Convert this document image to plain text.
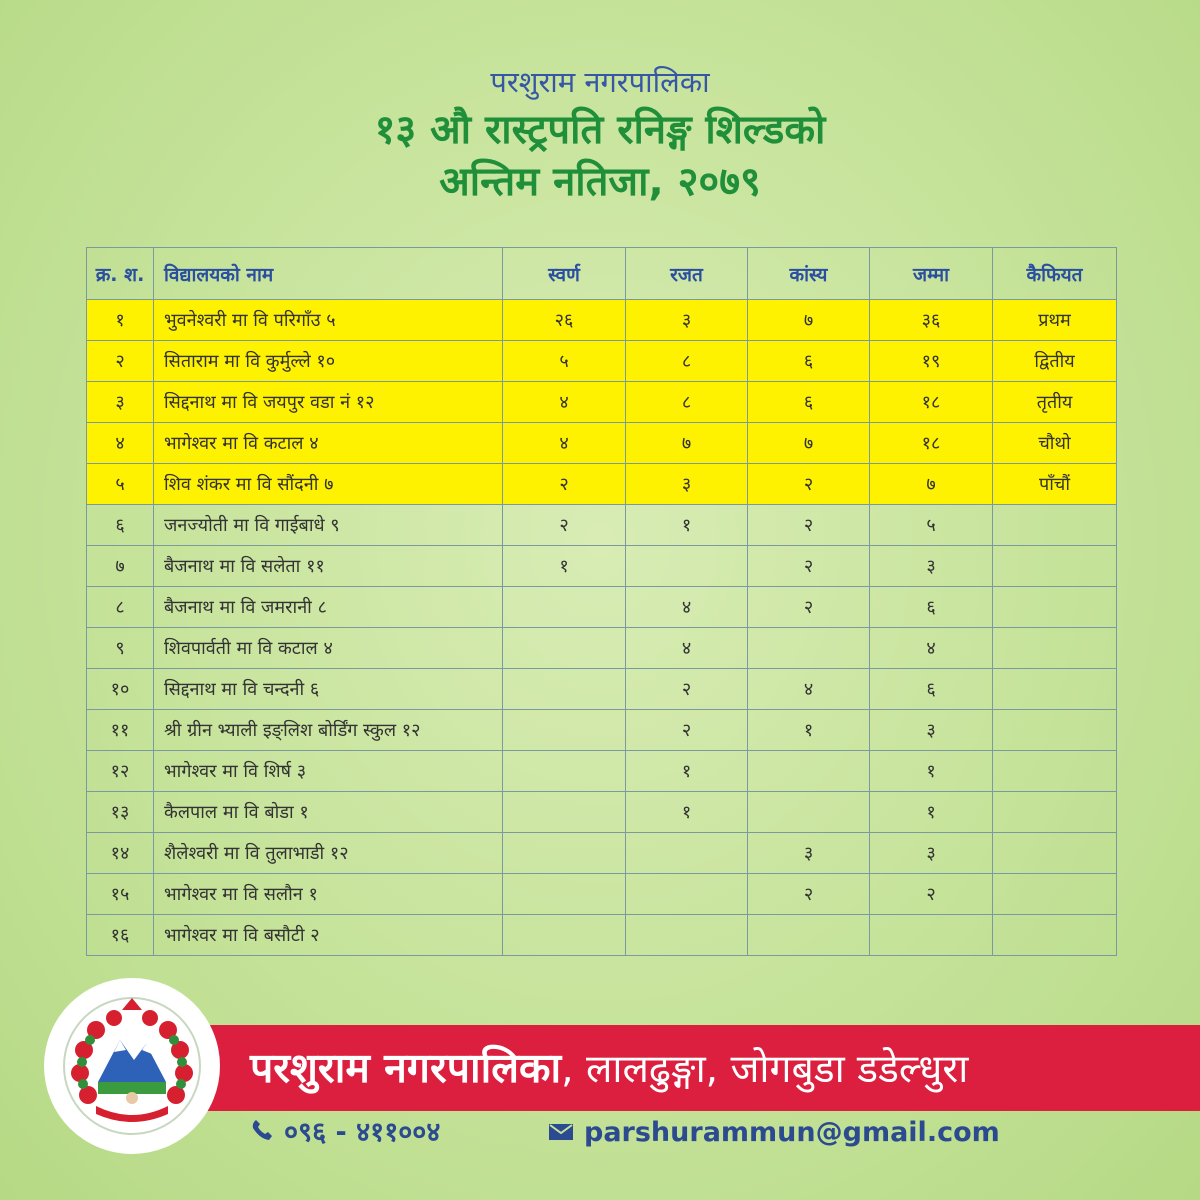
परशुराम नगरपालिका
१३ औ रास्ट्रपति रनिङ्ग शिल्डको
अन्तिम नतिजा, २०७९
क्र. श.	विद्यालयको नाम	स्वर्ण	रजत	कांस्य	जम्मा	कैफियत
१	भुवनेश्वरी मा वि परिगाँउ ५	२६	३	७	३६	प्रथम
२	सिताराम मा वि कुर्मुल्ले १०	५	८	६	१९	द्वितीय
३	सिद्दनाथ मा वि जयपुर वडा नं १२	४	८	६	१८	तृतीय
४	भागेश्वर मा वि कटाल ४	४	७	७	१८	चौथो
५	शिव शंकर मा वि सौंदनी ७	२	३	२	७	पाँचौं
६	जनज्योती मा वि गाईबाधे ९	२	१	२	५	
७	बैजनाथ मा वि सलेता ११	१		२	३	
८	बैजनाथ मा वि जमरानी ८		४	२	६	
९	शिवपार्वती मा वि कटाल ४		४		४	
१०	सिद्दनाथ मा वि चन्दनी ६		२	४	६	
११	श्री ग्रीन भ्याली इङ्लिश बोर्डिंग स्कुल १२		२	१	३	
१२	भागेश्वर मा वि शिर्ष ३		१		१	
१३	कैलपाल मा वि बोडा १		१		१	
१४	शैलेश्वरी मा वि तुलाभाडी १२			३	३	
१५	भागेश्वर मा वि सलौन १			२	२	
१६	भागेश्वर मा वि बसौटी २					
परशुराम नगरपालिका, लालढुङ्गा, जोगबुडा डडेल्धुरा
०९६ - ४११००४	parshurammun@gmail.com
